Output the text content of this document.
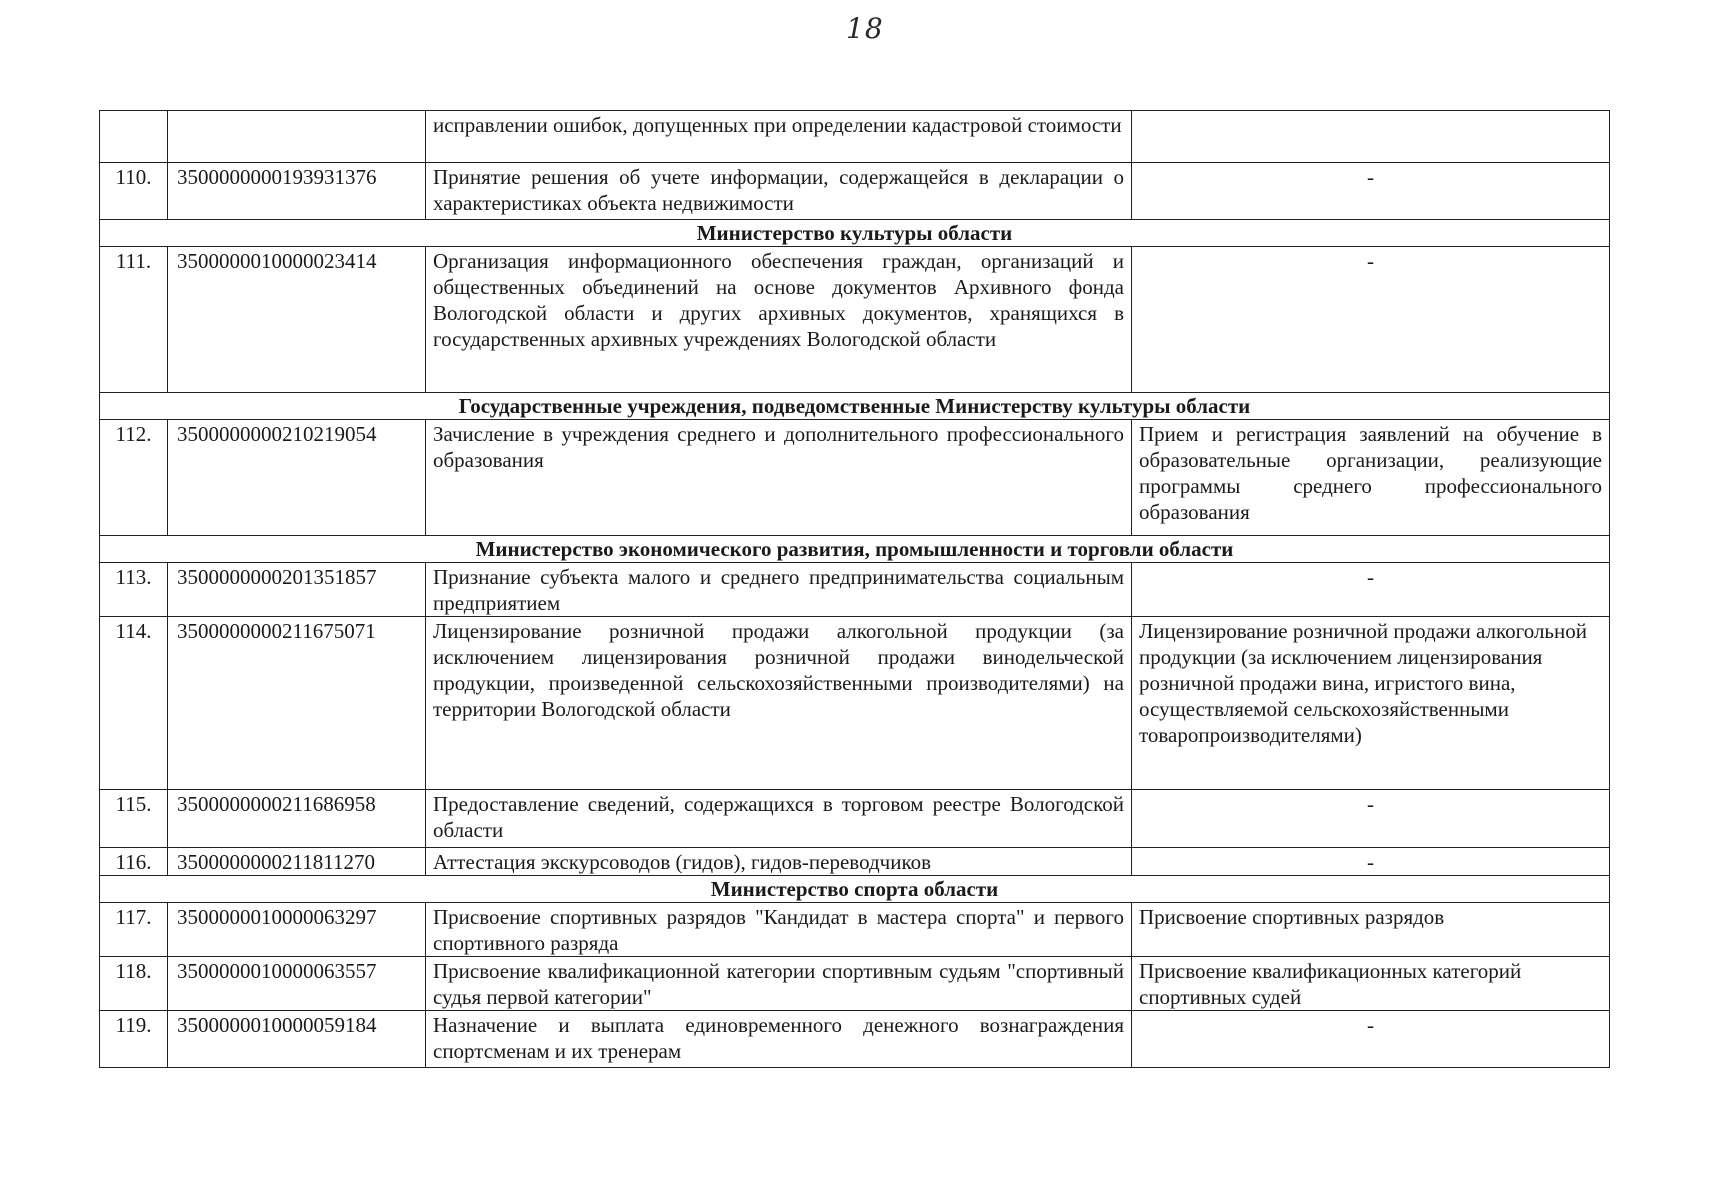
18
		исправлении ошибок, допущенных при определении кадастровой стоимости	
110.	3500000000193931376	Принятие решения об учете информации, содержащейся в декларации о характеристиках объекта недвижимости	-
Министерство культуры области			
111.	3500000010000023414	Организация информационного обеспечения граждан, организаций и общественных объединений на основе документов Архивного фонда Вологодской области и других архивных документов, хранящихся в государственных архивных учреждениях Вологодской области	-
Государственные учреждения, подведомственные Министерству культуры области			
112.	3500000000210219054	Зачисление в учреждения среднего и дополнительного профессионального образования	Прием и регистрация заявлений на обучение в образовательные организации, реализующие программы среднего профессионального образования
Министерство экономического развития, промышленности и торговли области			
113.	3500000000201351857	Признание субъекта малого и среднего предпринимательства социальным предприятием	-
114.	3500000000211675071	Лицензирование розничной продажи алкогольной продукции (за исключением лицензирования розничной продажи винодельческой продукции, произведенной сельскохозяйственными производителями) на территории Вологодской области	Лицензирование розничной продажи алкогольной продукции (за исключением лицензирования розничной продажи вина, игристого вина, осуществляемой сельскохозяйственными товаропроизводителями)
115.	3500000000211686958	Предоставление сведений, содержащихся в торговом реестре Вологодской области	-
116.	3500000000211811270	Аттестация экскурсоводов (гидов), гидов-переводчиков	-
Министерство спорта области			
117.	3500000010000063297	Присвоение спортивных разрядов "Кандидат в мастера спорта" и первого спортивного разряда	Присвоение спортивных разрядов
118.	3500000010000063557	Присвоение квалификационной категории спортивным судьям "спортивный судья первой категории"	Присвоение квалификационных категорий спортивных судей
119.	3500000010000059184	Назначение и выплата единовременного денежного вознаграждения спортсменам и их тренерам	-
